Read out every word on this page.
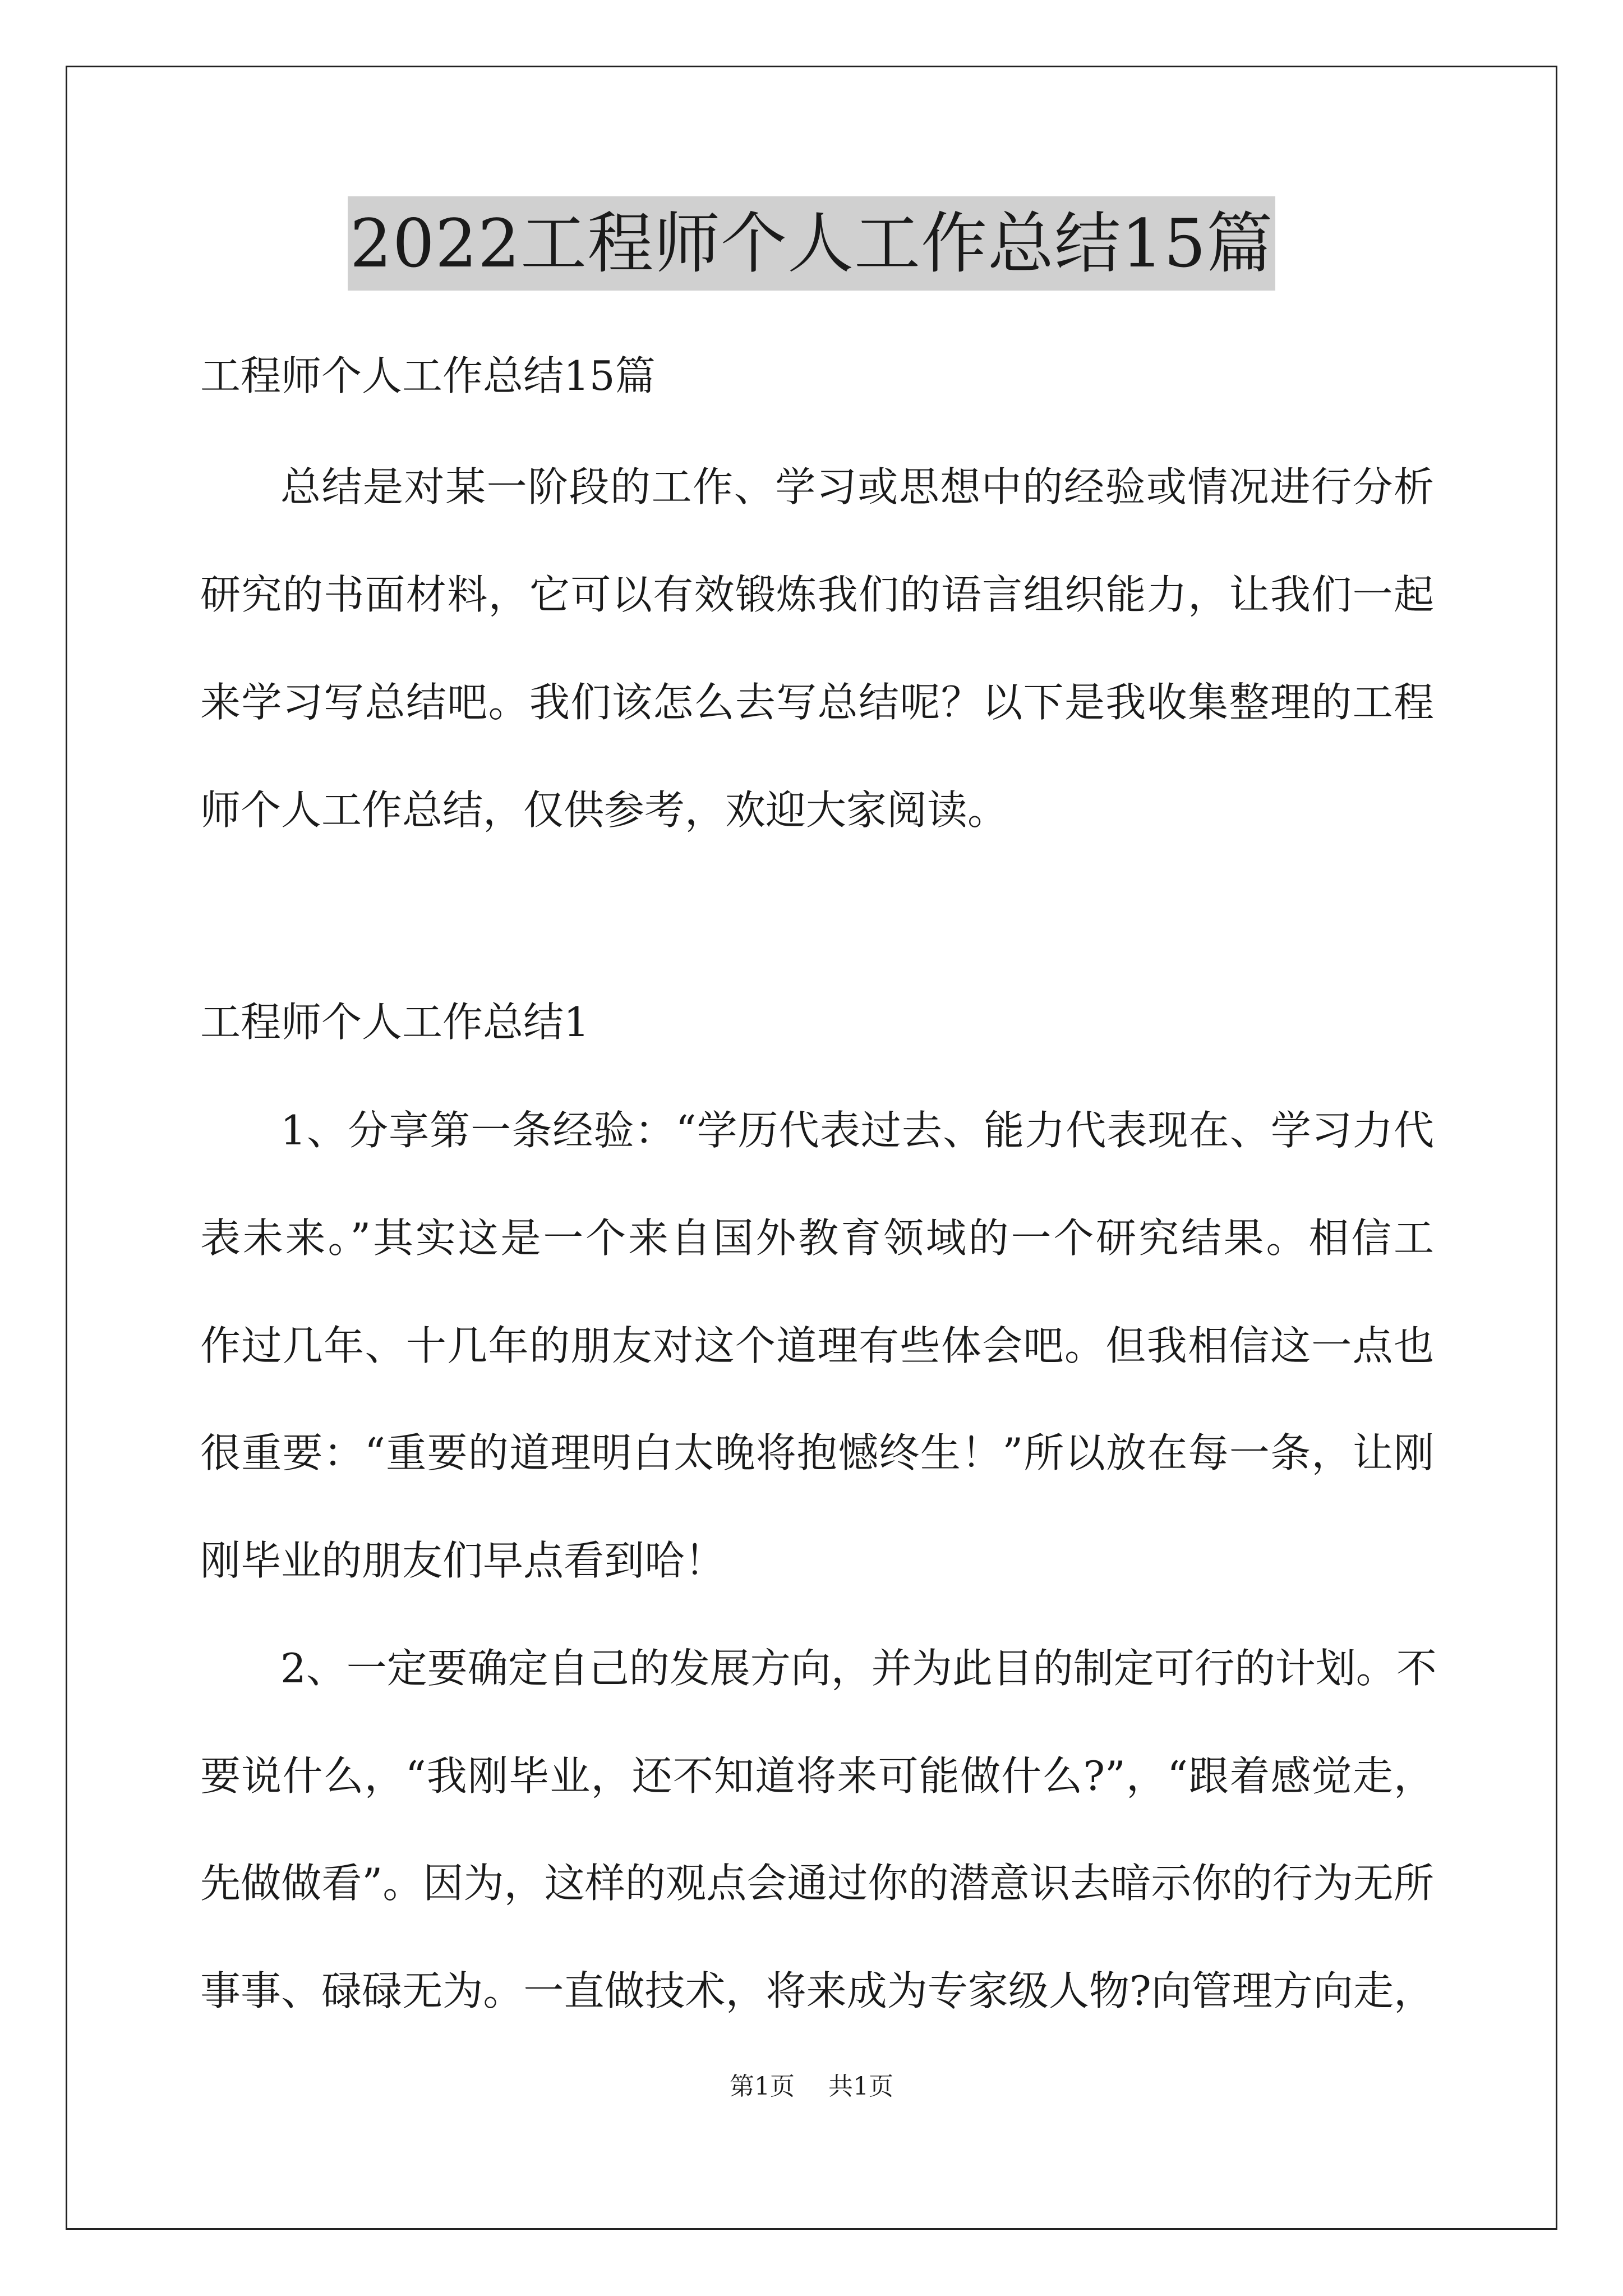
2022工程师个人工作总结15篇
工程师个人工作总结15篇
总结是对某一阶段的工作、学习或思想中的经验或情况进行分析
研究的书面材料，它可以有效锻炼我们的语言组织能力，让我们一起
来学习写总结吧。我们该怎么去写总结呢？以下是我收集整理的工程
师个人工作总结，仅供参考，欢迎大家阅读。
工程师个人工作总结1
1、分享第一条经验：“学历代表过去、能力代表现在、学习力代
表未来。”其实这是一个来自国外教育领域的一个研究结果。相信工
作过几年、十几年的朋友对这个道理有些体会吧。但我相信这一点也
很重要：“重要的道理明白太晚将抱憾终生！”所以放在每一条，让刚
刚毕业的朋友们早点看到哈！
2、一定要确定自己的发展方向，并为此目的制定可行的计划。不
要说什么，“我刚毕业，还不知道将来可能做什么?”，“跟着感觉走，
先做做看”。因为，这样的观点会通过你的潜意识去暗示你的行为无所
事事、碌碌无为。一直做技术，将来成为专家级人物?向管理方向走，
第1页 共1页
